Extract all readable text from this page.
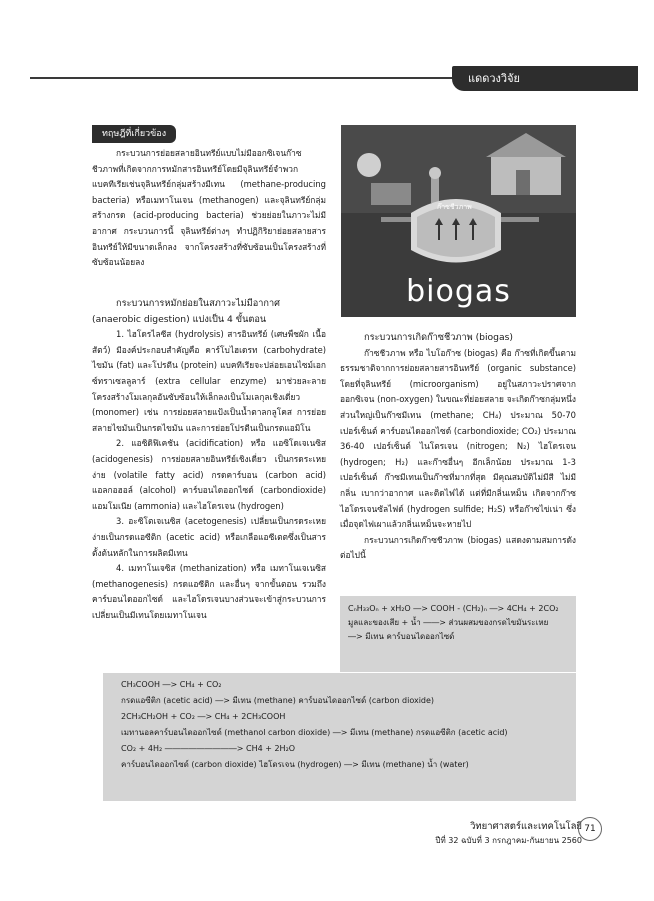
แดดวงวิจัย
ทฤษฎีที่เกี่ยวข้อง

กระบวนการย่อยสลายอินทรีย์แบบไม่มีออกซิเจนก๊าซชีวภาพที่เกิดจากการหมักสารอินทรีย์โดยมีจุลินทรีย์จำพวกแบคทีเรียเช่นจุลินทรีย์กลุ่มสร้างมีเทน (methane-producing bacteria) หรือเมทาโนเจน (methanogen) และจุลินทรีย์กลุ่มสร้างกรด (acid-producing bacteria) ช่วยย่อยในภาวะไม่มีอากาศ กระบวนการนี้ จุลินทรีย์ต่างๆ ทำปฏิกิริยาย่อยสลายสารอินทรีย์ให้มีขนาดเล็กลง จากโครงสร้างที่ซับซ้อนเป็นโครงสร้างที่ซับซ้อนน้อยลง

กระบวนการหมักย่อยในสภาวะไม่มีอากาศ (anaerobic digestion) แบ่งเป็น 4 ขั้นตอน

1. ไฮโดรไลซีส (hydrolysis) สารอินทรีย์ (เศษพืชผัก เนื้อสัตว์) มีองค์ประกอบสำคัญคือ คาร์โบไฮเดรท (carbohydrate) ไขมัน (fat) และโปรตีน (protein) แบคทีเรียจะปล่อยเอนไซม์เอกซ์ทราเซลลูลาร์ (extra cellular enzyme) มาช่วยละลายโครงสร้างโมเลกุลอันซับซ้อนให้เล็กลงเป็นโมเลกุลเชิงเดี่ยว (monomer) เช่น การย่อยสลายแป้งเป็นน้ำตาลกลูโคส การย่อยสลายไขมันเป็นกรดไขมัน และการย่อยโปรตีนเป็นกรดแอมิโน

2. แอซิดิฟิเคชัน (acidification) หรือ แอซิโดเจเนซิส (acidogenesis) การย่อยสลายอินทรีย์เชิงเดี่ยว เป็นกรดระเหยง่าย (volatile fatty acid) กรดคาร์บอน (carbon acid) แอลกอฮอล์ (alcohol) คาร์บอนไดออกไซด์ (carbondioxide) แอมโมเนีย (ammonia) และไฮโดรเจน (hydrogen)

3. อะซิโตเจเนซิส (acetogenesis) เปลี่ยนเป็นกรดระเหยง่ายเป็นกรดแอซีติก (acetic acid) หรือเกลือแอซีเตตซึ่งเป็นสารตั้งต้นหลักในการผลิตมีเทน

4. เมทาโนเจซิส (methanization) หรือ เมทาโนเจเนซิส (methanogenesis) กรดแอซีติก และอื่นๆ จากขั้นตอน รวมถึงคาร์บอนไดออกไซด์ และไฮโดรเจนบางส่วนจะเข้าสู่กระบวนการเปลี่ยนเป็นมีเทนโดยเมทาโนเจน

ก๊าซชีวภาพ
biogas

กระบวนการเกิดก๊าซชีวภาพ (biogas)

ก๊าซชีวภาพ หรือ ไบโอก๊าซ (biogas) คือ ก๊าซที่เกิดขึ้นตามธรรมชาติจากการย่อยสลายสารอินทรีย์ (organic substance) โดยที่จุลินทรีย์ (microorganism) อยู่ในสภาวะปราศจากออกซิเจน (non-oxygen) ในขณะที่ย่อยสลาย จะเกิดก๊าซกลุ่มหนึ่ง ส่วนใหญ่เป็นก๊าซมีเทน (methane; CH₄) ประมาณ 50-70 เปอร์เซ็นต์ คาร์บอนไดออกไซด์ (carbondioxide; CO₂) ประมาณ 36-40 เปอร์เซ็นต์ ไนโตรเจน (nitrogen; N₂) ไฮโดรเจน (hydrogen; H₂) และก๊าซอื่นๆ อีกเล็กน้อย ประมาณ 1-3 เปอร์เซ็นต์ ก๊าซมีเทนเป็นก๊าซที่มากที่สุด มีคุณสมบัติไม่มีสี ไม่มีกลิ่น เบากว่าอากาศ และติดไฟได้ แต่ที่มีกลิ่นเหม็น เกิดจากก๊าซไฮโดรเจนซัลไฟด์ (hydrogen sulfide; H₂S) หรือก๊าซไข่เน่า ซึ่งเมื่อจุดไฟเผาแล้วกลิ่นเหม็นจะหายไป

กระบวนการเกิดก๊าซชีวภาพ (biogas) แสดงตามสมการดังต่อไปนี้

CₙH₃₃Oₙ + xH₂O ―> COOH - (CH₂)ₙ ―> 4CH₄ + 2CO₂
มูลและของเสีย + น้ำ ――> ส่วนผสมของกรดไขมันระเหย
―> มีเทน คาร์บอนไดออกไซด์
CH₃COOH ―> CH₄ + CO₂
กรดแอซีติก (acetic acid) ―> มีเทน (methane) คาร์บอนไดออกไซด์ (carbon dioxide)
2CH₃CH₂OH + CO₂ ―> CH₄ + 2CH₃COOH
เมทานอลคาร์บอนไดออกไซด์ (methanol carbon dioxide) ―> มีเทน (methane) กรดแอซีติก (acetic acid)
CO₂ + 4H₂ ―――――――――> CH4 + 2H₂O
คาร์บอนไดออกไซด์ (carbon dioxide) ไฮโดรเจน (hydrogen) ―> มีเทน (methane) น้ำ (water)
วิทยาศาสตร์และเทคโนโลยี
ปีที่ 32 ฉบับที่ 3 กรกฎาคม-กันยายน 2560
71
